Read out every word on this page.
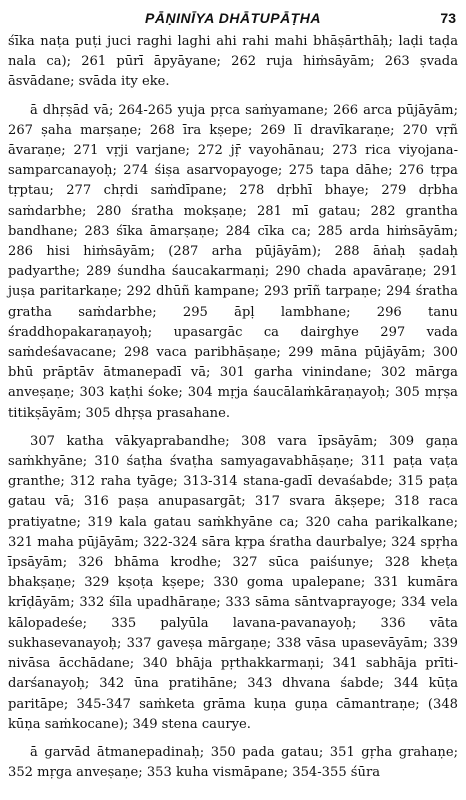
PĀṆINĪYA DHĀTUPĀṬHA	73

śīka naṭa puṭi juci raghi laghi ahi rahi mahi bhāṣārthāḥ; laḍi taḍa nala ca); 261 pūrī āpyāyane; 262 ruja hiṁsāyām; 263 ṣvada āsvādane; svāda ity eke.

ā dhṛṣād vā; 264-265 yuja pṛca saṁyamane; 266 arca pūjāyām; 267 ṣaha marṣaṇe; 268 īra kṣepe; 269 lī dravīkaraṇe; 270 vṛñ āvaraṇe; 271 vṛji varjane; 272 jṝ vayohānau; 273 rica viyojana-samparcanayoḥ; 274 śiṣa asarvopayoge; 275 tapa dāhe; 276 tṛpa tṛptau; 277 chṛdi saṁdīpane; 278 dṛbhī bhaye; 279 dṛbha saṁdarbhe; 280 śratha mokṣaṇe; 281 mī gatau; 282 grantha bandhane; 283 śīka āmarṣaṇe; 284 cīka ca; 285 arda hiṁsāyām; 286 hisi hiṁsāyām; (287 arha pūjāyām); 288 āṅaḥ ṣadaḥ padyarthe; 289 śundha śaucakarmaṇi; 290 chada apavāraṇe; 291 juṣa paritarkaṇe; 292 dhūñ kampane; 293 prīñ tarpaṇe; 294 śratha gratha saṁdarbhe; 295 āpḷ lambhane; 296 tanu śraddhopakaraṇayoḥ; upasargāc ca dairghye 297 vada saṁdeśavacane; 298 vaca paribhāṣaṇe; 299 māna pūjāyām; 300 bhū prāptāv ātmanepadī vā; 301 garha vinindane; 302 mārga anveṣaṇe; 303 kaṭhi śoke; 304 mṛja śaucālaṁkāraṇayoḥ; 305 mṛṣa titikṣāyām; 305 dhṛṣa prasahane.

307 katha vākyaprabandhe; 308 vara īpsāyām; 309 gaṇa saṁkhyāne; 310 śaṭha śvaṭha samyagavabhāṣaṇe; 311 paṭa vaṭa granthe; 312 raha tyāge; 313-314 stana-gadī devaśabde; 315 paṭa gatau vā; 316 paṣa anupasargāt; 317 svara ākṣepe; 318 raca pratiyatne; 319 kala gatau saṁkhyāne ca; 320 caha parikalkane; 321 maha pūjāyām; 322-324 sāra kṛpa śratha daurbalye; 324 spṛha īpsāyām; 326 bhāma krodhe; 327 sūca paiśunye; 328 kheṭa bhakṣaṇe; 329 kṣoṭa kṣepe; 330 goma upalepane; 331 kumāra krīḍāyām; 332 śīla upadhāraṇe; 333 sāma sāntvaprayoge; 334 vela kālopadeśe; 335 palyūla lavana-pavanayoḥ; 336 vāta sukhasevanayoḥ; 337 gaveṣa mārgaṇe; 338 vāsa upasevāyām; 339 nivāsa ācchādane; 340 bhāja pṛthakkarmaṇi; 341 sabhāja prīti-darśanayoḥ; 342 ūna pratihāne; 343 dhvana śabde; 344 kūṭa paritāpe; 345-347 saṁketa grāma kuṇa guṇa cāmantraṇe; (348 kūṇa saṁkocane); 349 stena caurye.

ā garvād ātmanepadinaḥ; 350 pada gatau; 351 gṛha grahaṇe; 352 mṛga anveṣaṇe; 353 kuha vismāpane; 354-355 śūra
